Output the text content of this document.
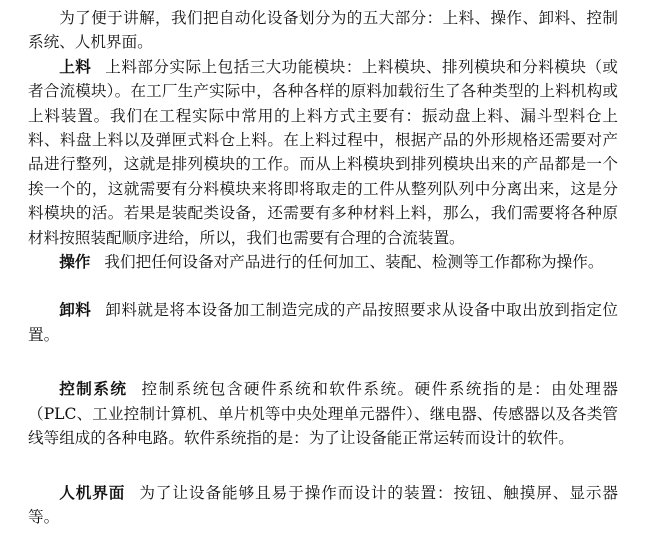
为了便于讲解，我们把自动化设备划分为的五大部分：上料、操作、卸料、控制系统、人机界面。

上料 上料部分实际上包括三大功能模块：上料模块、排列模块和分料模块（或者合流模块）。在工厂生产实际中，各种各样的原料加载衍生了各种类型的上料机构或上料装置。我们在工程实际中常用的上料方式主要有：振动盘上料、漏斗型料仓上料、料盘上料以及弹匣式料仓上料。在上料过程中，根据产品的外形规格还需要对产品进行整列，这就是排列模块的工作。而从上料模块到排列模块出来的产品都是一个挨一个的，这就需要有分料模块来将即将取走的工件从整列队列中分离出来，这是分料模块的活。若果是装配类设备，还需要有多种材料上料，那么，我们需要将各种原材料按照装配顺序进给，所以，我们也需要有合理的合流装置。

操作 我们把任何设备对产品进行的任何加工、装配、检测等工作都称为操作。

卸料 卸料就是将本设备加工制造完成的产品按照要求从设备中取出放到指定位置。

控制系统 控制系统包含硬件系统和软件系统。硬件系统指的是：由处理器（PLC、工业控制计算机、单片机等中央处理单元器件）、继电器、传感器以及各类管线等组成的各种电路。软件系统指的是：为了让设备能正常运转而设计的软件。

人机界面 为了让设备能够且易于操作而设计的装置：按钮、触摸屏、显示器等。
